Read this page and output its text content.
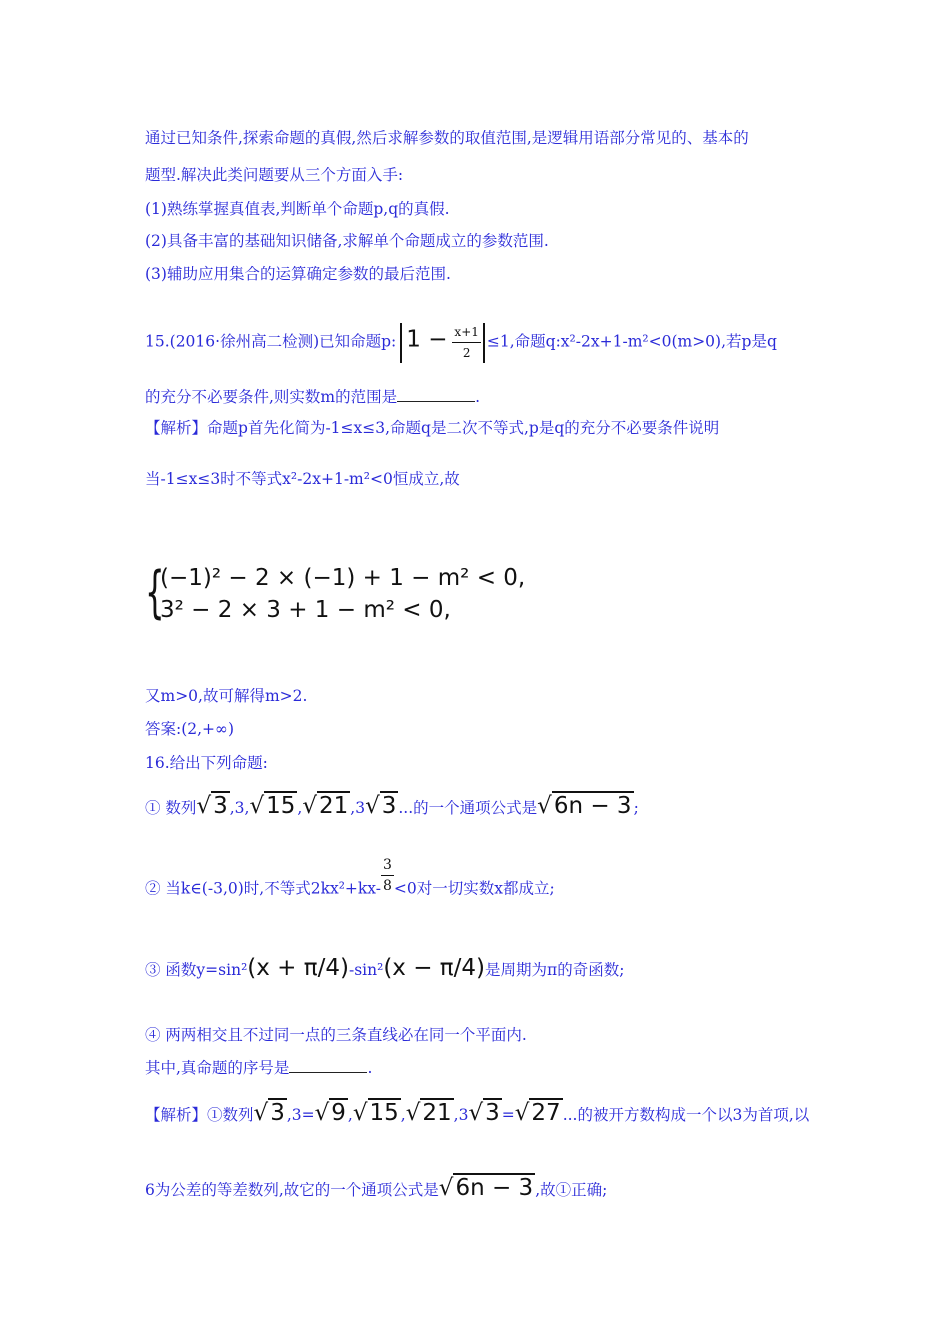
通过已知条件,探索命题的真假,然后求解参数的取值范围,是逻辑用语部分常见的、基本的
题型.解决此类问题要从三个方面入手:
(1)熟练掌握真值表,判断单个命题p,q的真假.
(2)具备丰富的基础知识储备,求解单个命题成立的参数范围.
(3)辅助应用集合的运算确定参数的最后范围.
15.(2016·徐州高二检测)已知命题p: $1 - \frac{x+1}{2} \le 1$,命题q:x²-2x+1-m²<0(m>0),若p是q
的充分不必要条件,则实数m的范围是	.
【解析】命题p首先化简为-1≤x≤3,命题q是二次不等式,p是q的充分不必要条件说明
当-1≤x≤3时不等式x²-2x+1-m²<0恒成立,故
{
(−1)² − 2 × (−1) + 1 − m² < 0,
3² − 2 × 3 + 1 − m² < 0,
又m>0,故可解得m>2.
答案:(2,+∞)
16.给出下列命题:
① 数列√3 ,3,√15 ,√21 ,3√3 ...的一个通项公式是√6n − 3 ;
② 当k∈(-3,0)时,不等式$2kx^2+kx- \frac{3}{8} <0$对一切实数x都成立;
③ 函数y=sin²(x + π/4)-sin²(x − π/4)是周期为π的奇函数;
④ 两两相交且不过同一点的三条直线必在同一个平面内.
其中,真命题的序号是	.
【解析】①数列√3 ,3=√9 ,√15 ,√21 ,3√3 =√27 ...的被开方数构成一个以3为首项,以
6为公差的等差数列,故它的一个通项公式是√6n − 3 ,故①正确;
